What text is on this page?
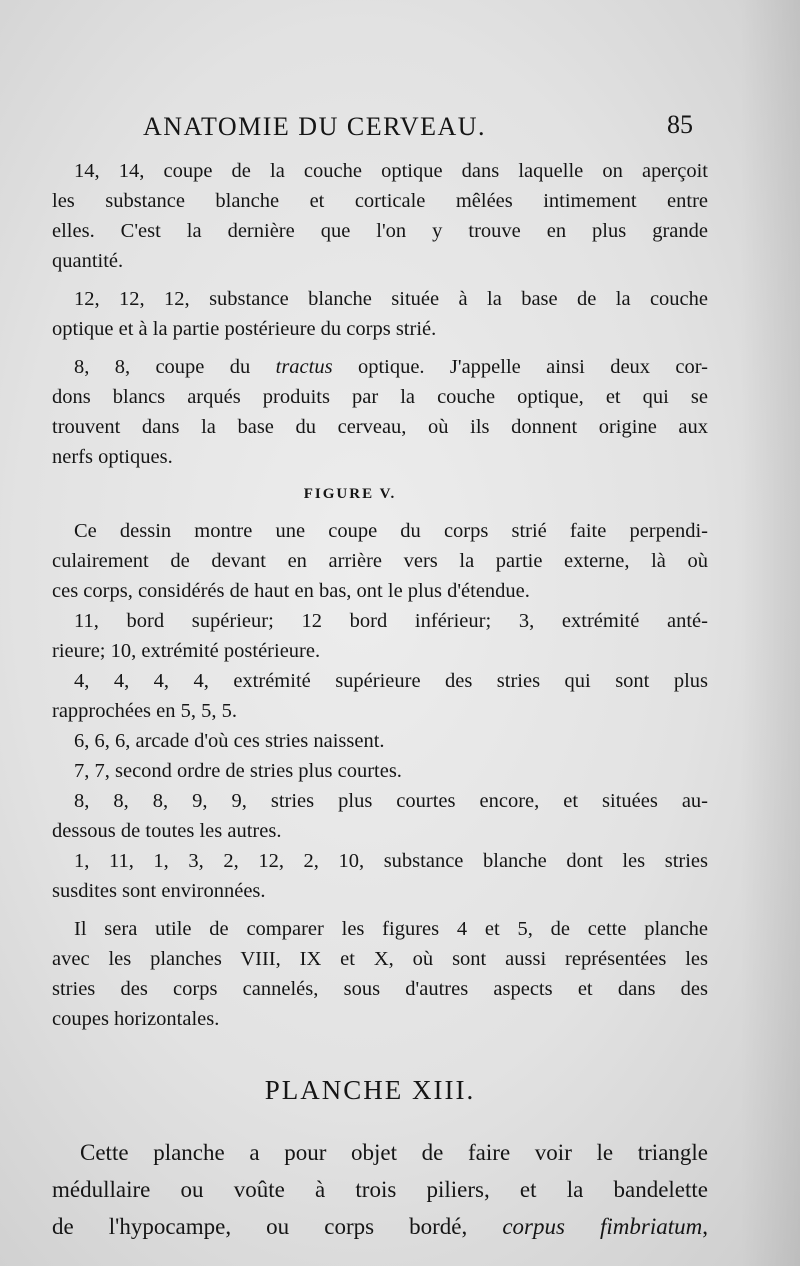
ANATOMIE DU CERVEAU.	85
14, 14, coupe de la couche optique dans laquelle on aperçoit
les substance blanche et corticale mêlées intimement entre
elles. C'est la dernière que l'on y trouve en plus grande
quantité.
12, 12, 12, substance blanche située à la base de la couche
optique et à la partie postérieure du corps strié.
8, 8, coupe du tractus optique. J'appelle ainsi deux cor-
dons blancs arqués produits par la couche optique, et qui se
trouvent dans la base du cerveau, où ils donnent origine aux
nerfs optiques.
FIGURE V.
Ce dessin montre une coupe du corps strié faite perpendi-
culairement de devant en arrière vers la partie externe, là où
ces corps, considérés de haut en bas, ont le plus d'étendue.
11, bord supérieur; 12 bord inférieur; 3, extrémité anté-
rieure; 10, extrémité postérieure.
4, 4, 4, 4, extrémité supérieure des stries qui sont plus
rapprochées en 5, 5, 5.
6, 6, 6, arcade d'où ces stries naissent.
7, 7, second ordre de stries plus courtes.
8, 8, 8, 9, 9, stries plus courtes encore, et situées au-
dessous de toutes les autres.
1, 11, 1, 3, 2, 12, 2, 10, substance blanche dont les stries
susdites sont environnées.
Il sera utile de comparer les figures 4 et 5, de cette planche
avec les planches VIII, IX et X, où sont aussi représentées les
stries des corps cannelés, sous d'autres aspects et dans des
coupes horizontales.
PLANCHE XIII.
Cette planche a pour objet de faire voir le triangle
médullaire ou voûte à trois piliers, et la bandelette
de l'hypocampe, ou corps bordé, corpus fimbriatum,
